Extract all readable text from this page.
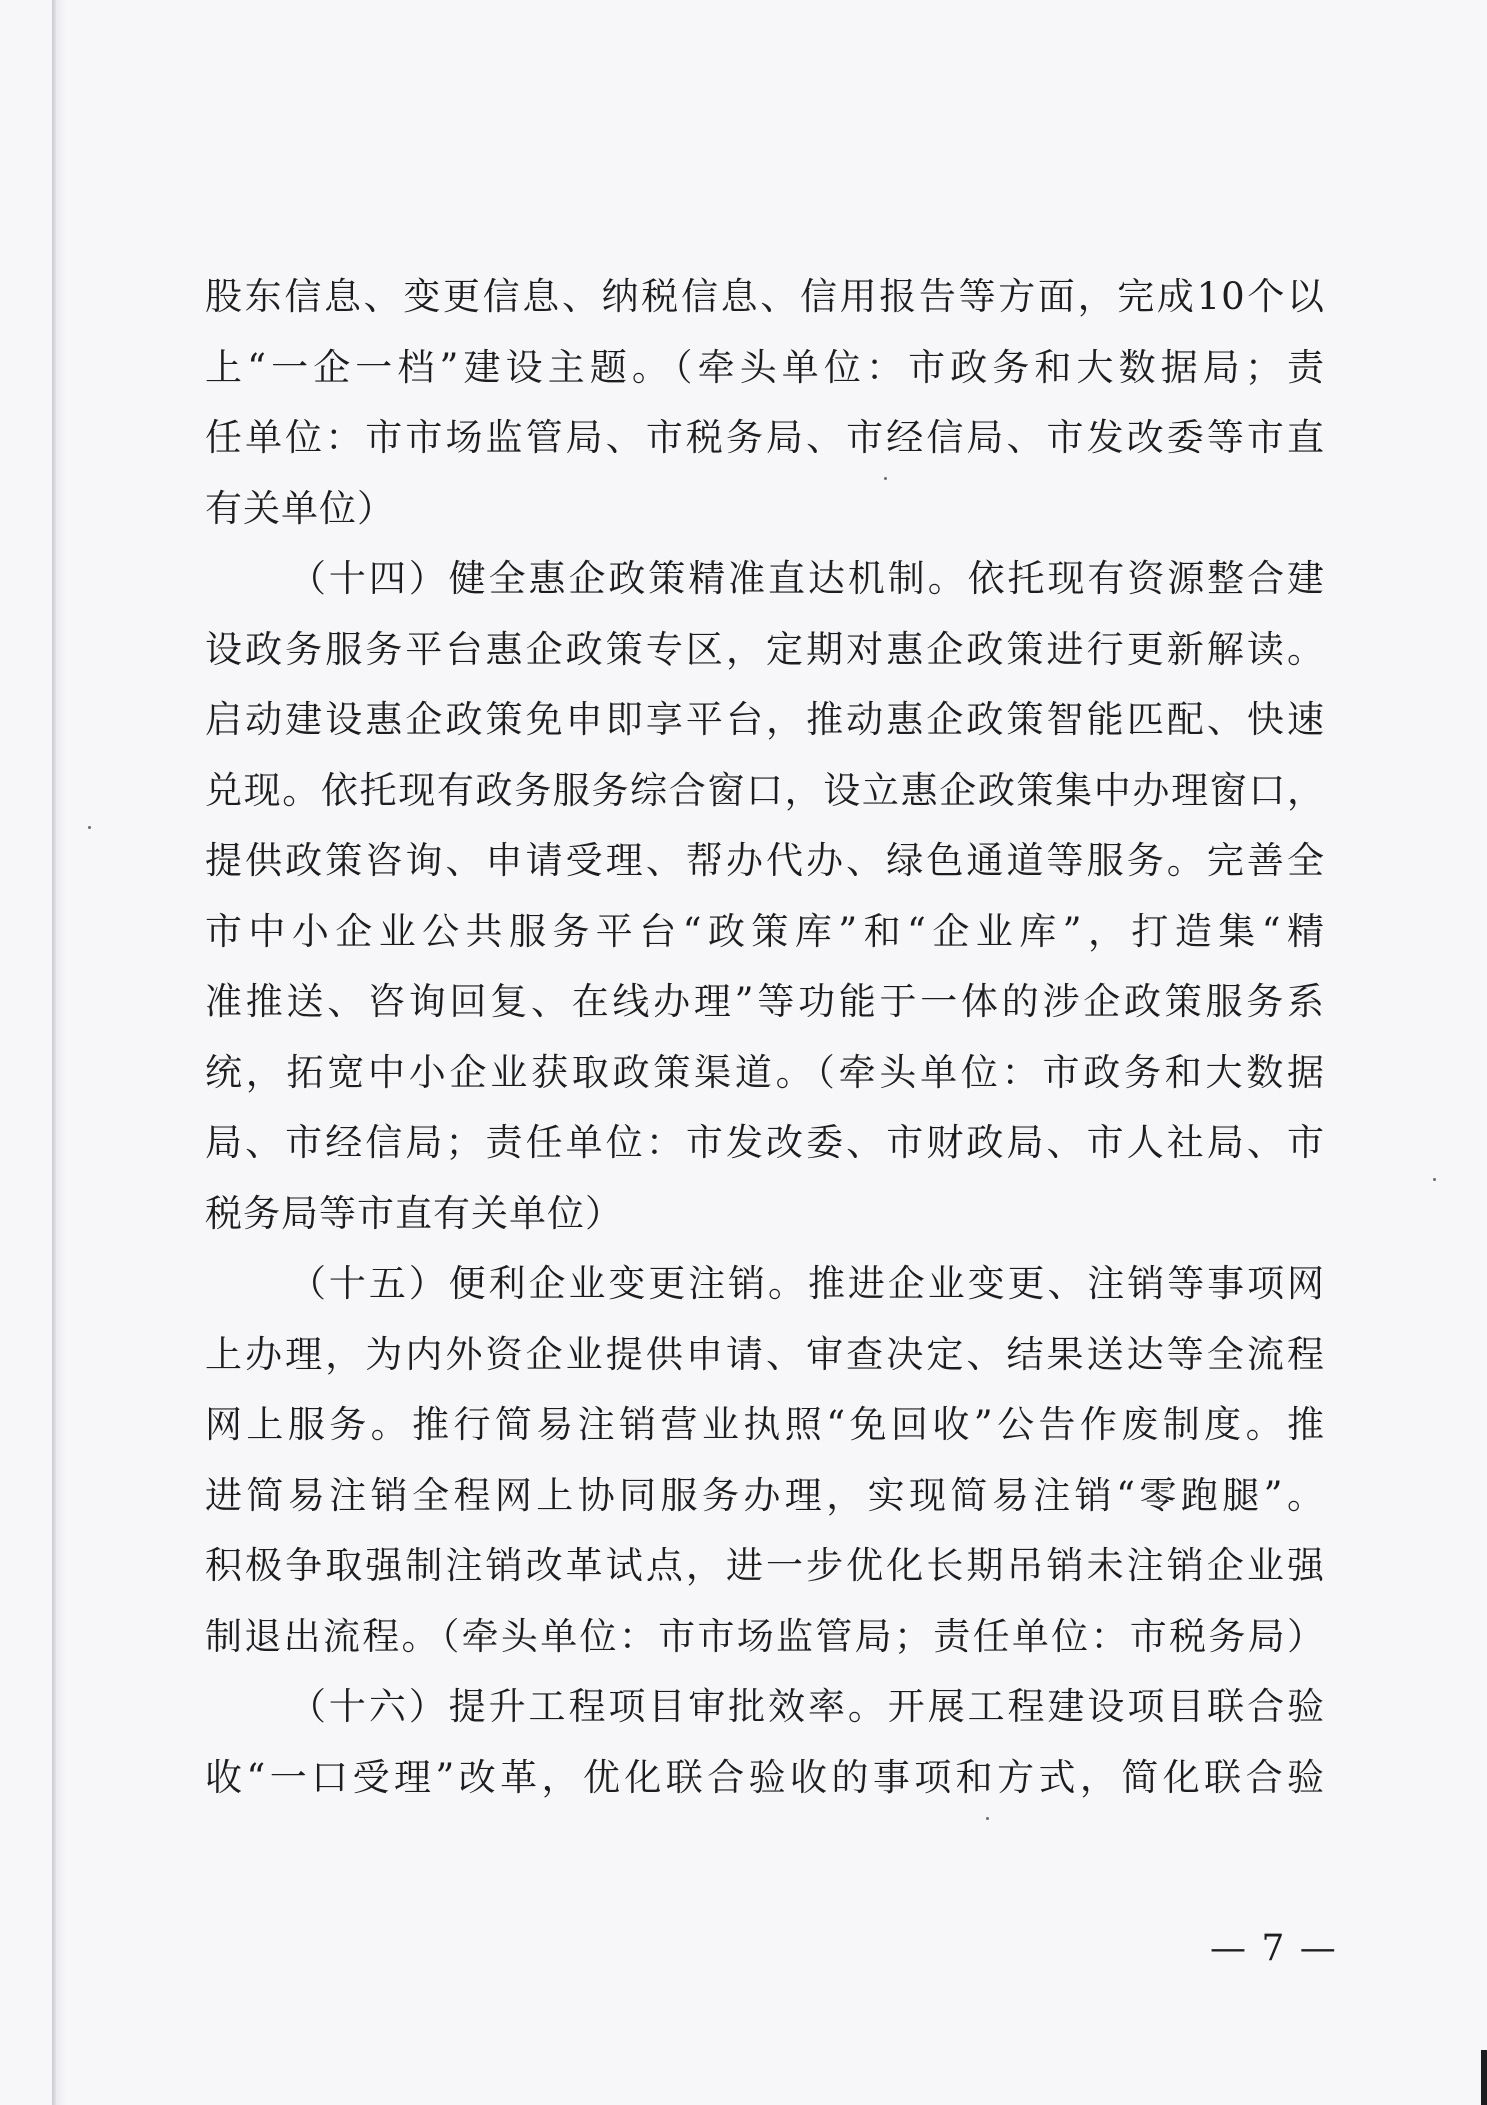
股东信息、变更信息、纳税信息、信用报告等方面，完成10个以
上“一企一档”建设主题。（牵头单位：市政务和大数据局；责
任单位：市市场监管局、市税务局、市经信局、市发改委等市直
有关单位）
（十四）健全惠企政策精准直达机制。依托现有资源整合建
设政务服务平台惠企政策专区，定期对惠企政策进行更新解读。
启动建设惠企政策免申即享平台，推动惠企政策智能匹配、快速
兑现。依托现有政务服务综合窗口，设立惠企政策集中办理窗口，
提供政策咨询、申请受理、帮办代办、绿色通道等服务。完善全
市中小企业公共服务平台“政策库”和“企业库”，打造集“精
准推送、咨询回复、在线办理”等功能于一体的涉企政策服务系
统，拓宽中小企业获取政策渠道。（牵头单位：市政务和大数据
局、市经信局；责任单位：市发改委、市财政局、市人社局、市
税务局等市直有关单位）
（十五）便利企业变更注销。推进企业变更、注销等事项网
上办理，为内外资企业提供申请、审查决定、结果送达等全流程
网上服务。推行简易注销营业执照“免回收”公告作废制度。推
进简易注销全程网上协同服务办理，实现简易注销“零跑腿”。
积极争取强制注销改革试点，进一步优化长期吊销未注销企业强
制退出流程。（牵头单位：市市场监管局；责任单位：市税务局）
（十六）提升工程项目审批效率。开展工程建设项目联合验
收“一口受理”改革，优化联合验收的事项和方式，简化联合验
— 7 —
